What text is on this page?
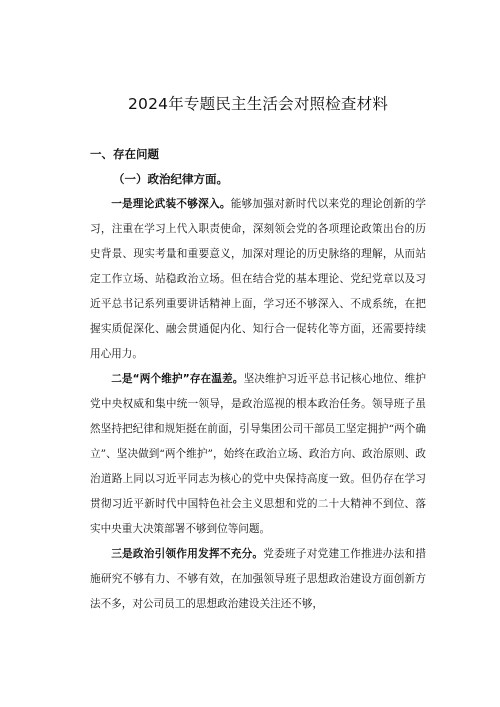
2024年专题民主生活会对照检查材料

一、存在问题

（一）政治纪律方面。

一是理论武装不够深入。能够加强对新时代以来党的理论创新的学习，注重在学习上代入职责使命，深刻领会党的各项理论政策出台的历史背景、现实考量和重要意义，加深对理论的历史脉络的理解，从而站定工作立场、站稳政治立场。但在结合党的基本理论、党纪党章以及习近平总书记系列重要讲话精神上面，学习还不够深入、不成系统，在把握实质促深化、融会贯通促内化、知行合一促转化等方面，还需要持续用心用力。

二是“两个维护”存在温差。坚决维护习近平总书记核心地位、维护党中央权威和集中统一领导，是政治巡视的根本政治任务。领导班子虽然坚持把纪律和规矩挺在前面，引导集团公司干部员工坚定拥护“两个确立”、坚决做到“两个维护”，始终在政治立场、政治方向、政治原则、政治道路上同以习近平同志为核心的党中央保持高度一致。但仍存在学习贯彻习近平新时代中国特色社会主义思想和党的二十大精神不到位、落实中央重大决策部署不够到位等问题。

三是政治引领作用发挥不充分。党委班子对党建工作推进办法和措施研究不够有力、不够有效，在加强领导班子思想政治建设方面创新方法不多，对公司员工的思想政治建设关注还不够，
